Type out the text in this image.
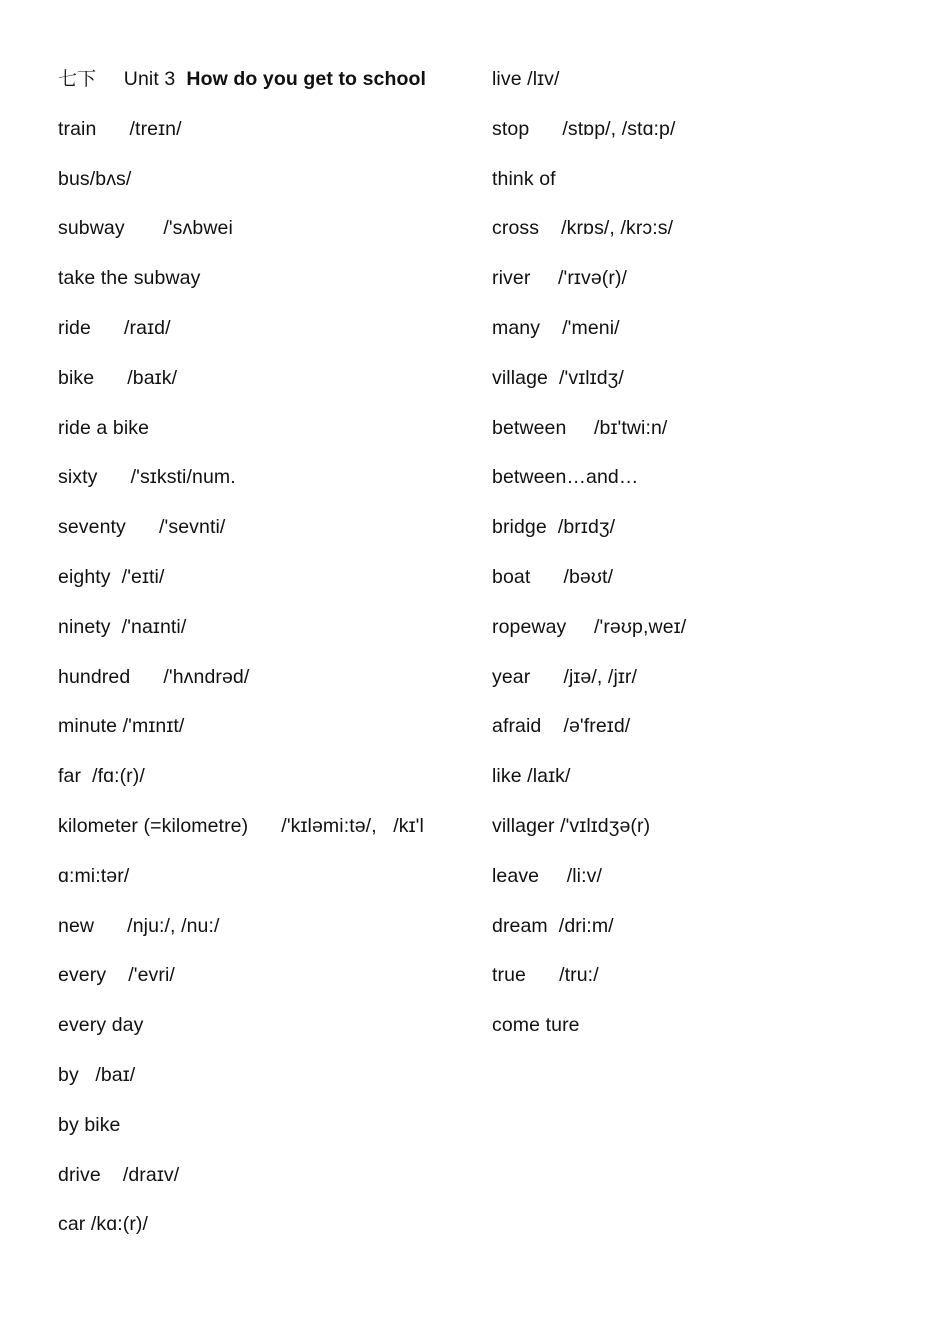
七下 Unit 3 How do you get to school
train      /treɪn/
bus/bʌs/
subway       /'sʌbwei
take the subway
ride      /raɪd/
bike      /baɪk/
ride a bike
sixty      /'sɪksti/num.
seventy      /'sevnti/
eighty  /'eɪti/
ninety  /'naɪnti/
hundred      /'hʌndrəd/
minute /'mɪnɪt/
far  /fɑ:(r)/
kilometer (=kilometre)      /'kɪləmi:tə/,   /kɪ'l
ɑ:mi:tər/
new      /nju:/, /nu:/
every    /'evri/
every day
by   /baɪ/
by bike
drive    /draɪv/
car /kɑ:(r)/
live /lɪv/
stop      /stɒp/, /stɑ:p/
think of
cross    /krɒs/, /krɔ:s/
river     /'rɪvə(r)/
many    /'meni/
village  /'vɪlɪdʒ/
between     /bɪ'twi:n/
between…and…
bridge  /brɪdʒ/
boat      /bəʊt/
ropeway     /'rəʊp,weɪ/
year      /jɪə/, /jɪr/
afraid    /ə'freɪd/
like /laɪk/
villager /'vɪlɪdʒə(r)
leave     /li:v/
dream  /dri:m/
true      /tru:/
come ture
